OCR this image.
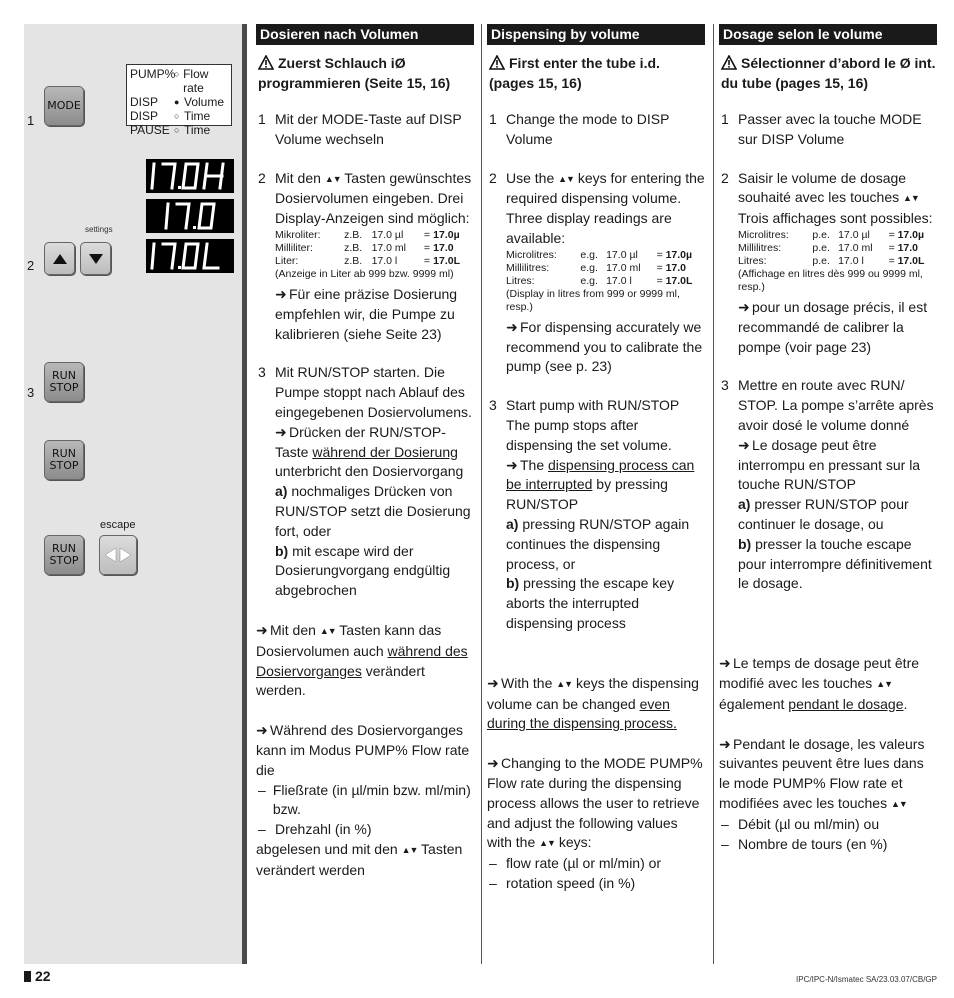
1
2
3
MODE
PUMP%
○ Flow rate
DISP	● Volume
DISP	○ Time
PAUSE ○ Time
settings
RUN STOP
RUN STOP
RUN STOP
escape
Dosieren nach Volumen
Zuerst Schlauch iØ programmieren (Seite 15, 16)
1 Mit der MODE-Taste auf DISP Volume wechseln
2 Mit den ▲▼ Tasten gewünschtes Dosiervolumen eingeben. Drei Display-Anzeigen sind möglich:
Mikroliter:	z.B.	17.0 µl	=	17.0µ
Milliliter:	z.B.	17.0 ml	=	17.0
Liter:	z.B.	17.0 l	=	17.0L
(Anzeige in Liter ab 999 bzw. 9999 ml)
➜ Für eine präzise Dosierung empfehlen wir, die Pumpe zu kalibrieren (siehe Seite 23)
3 Mit RUN/STOP starten. Die Pumpe stoppt nach Ablauf des eingegebenen Dosiervolumens.
➜ Drücken der RUN/STOP-Taste während der Dosierung unterbricht den Dosiervorgang
a) nochmaliges Drücken von RUN/STOP setzt die Dosierung fort, oder
b) mit escape wird der Dosierungvorgang endgültig abgebrochen
➜ Mit den ▲▼ Tasten kann das Dosiervolumen auch während des Dosiervorganges verändert werden.
➜ Während des Dosiervorganges kann im Modus PUMP% Flow rate die
– Fließrate (in µl/min bzw. ml/min) bzw.
– Drehzahl (in %)
abgelesen und mit den ▲▼ Tasten verändert werden
Dispensing by volume
First enter the tube i.d. (pages 15, 16)
1 Change the mode to DISP Volume
2 Use the ▲▼ keys for entering the required dispensing volume. Three display readings are available:
Microlitres:	e.g.	17.0 µl	=	17.0µ
Millilitres:	e.g.	17.0 ml	=	17.0
Litres:	e.g.	17.0 l	=	17.0L
(Display in litres from 999 or 9999 ml, resp.)
➜ For dispensing accurately we recommend you to calibrate the pump (see p. 23)
3 Start pump with RUN/STOP The pump stops after dispensing the set volume.
➜ The dispensing process can be interrupted by pressing RUN/STOP
a) pressing RUN/STOP again continues the dispensing process, or
b) pressing the escape key aborts the interrupted dispensing process
➜ With the ▲▼ keys the dispensing volume can be changed even during the dispensing process.
➜ Changing to the MODE PUMP% Flow rate during the dispensing process allows the user to retrieve and adjust the following values with the ▲▼ keys:
– flow rate (µl or ml/min) or
– rotation speed (in %)
Dosage selon le volume
Sélectionner d’abord le Ø int. du tube (pages 15, 16)
1 Passer avec la touche MODE sur DISP Volume
2 Saisir le volume de dosage souhaité avec les touches ▲▼ Trois affichages sont possibles:
Microlitres:	p.e.	17.0 µl	=	17.0µ
Millilitres:	p.e.	17.0 ml	=	17.0
Litres:	p.e.	17.0 l	=	17.0L
(Affichage en litres dès 999 ou 9999 ml, resp.)
➜ pour un dosage précis, il est recommandé de calibrer la pompe (voir page 23)
3 Mettre en route avec RUN/ STOP. La pompe s’arrête après avoir dosé le volume donné
➜ Le dosage peut être interrompu en pressant sur la touche RUN/STOP
a) presser RUN/STOP pour continuer le dosage, ou
b) presser la touche escape pour interrompre définitivement le dosage.
➜ Le temps de dosage peut être modifié avec les touches ▲▼ également pendant le dosage.
➜ Pendant le dosage, les valeurs suivantes peuvent être lues dans le mode PUMP% Flow rate et modifiées avec les touches ▲▼
– Débit (µl ou ml/min) ou
– Nombre de tours (en %)
22	IPC/IPC-N/Ismatec SA/23.03.07/CB/GP
